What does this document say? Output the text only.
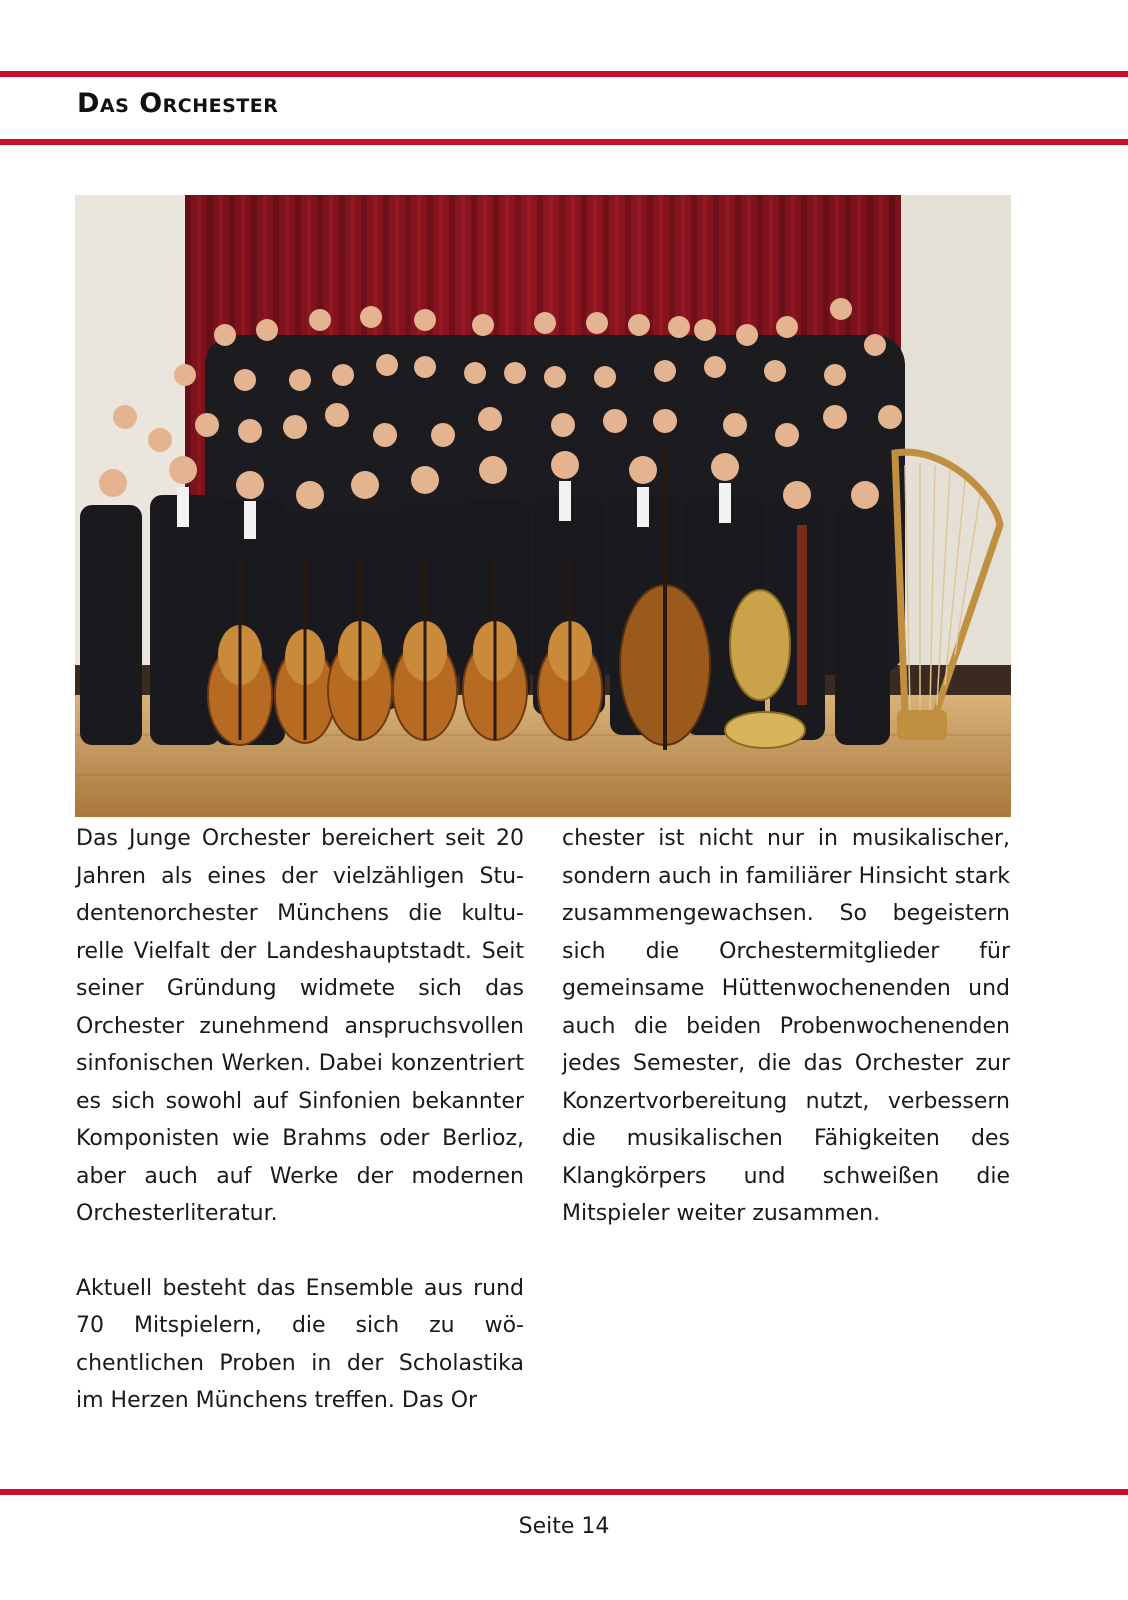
Das Orchester

Das Junge Orchester bereichert seit 20 Jahren als eines der vielzähligen Studentenorchester Münchens die kulturelle Vielfalt der Landeshauptstadt. Seit seiner Gründung widmete sich das Orchester zunehmend anspruchsvollen sinfonischen Werken. Dabei konzentriert es sich sowohl auf Sinfonien bekannter Komponisten wie Brahms oder Berlioz, aber auch auf Werke der modernen Orchesterliteratur.

Aktuell besteht das Ensemble aus rund 70 Mitspielern, die sich zu wöchentlichen Proben in der Scholastika im Herzen Münchens treffen. Das Or

chester ist nicht nur in musikalischer, sondern auch in familiärer Hinsicht stark zusammengewachsen. So begeistern sich die Orchestermitglieder für gemeinsame Hüttenwochenenden und auch die beiden Probenwochenenden jedes Semester, die das Orchester zur Konzertvorbereitung nutzt, verbessern die musikalischen Fähigkeiten des Klangkörpers und schweißen die Mitspieler weiter zusammen.

Seite 14
